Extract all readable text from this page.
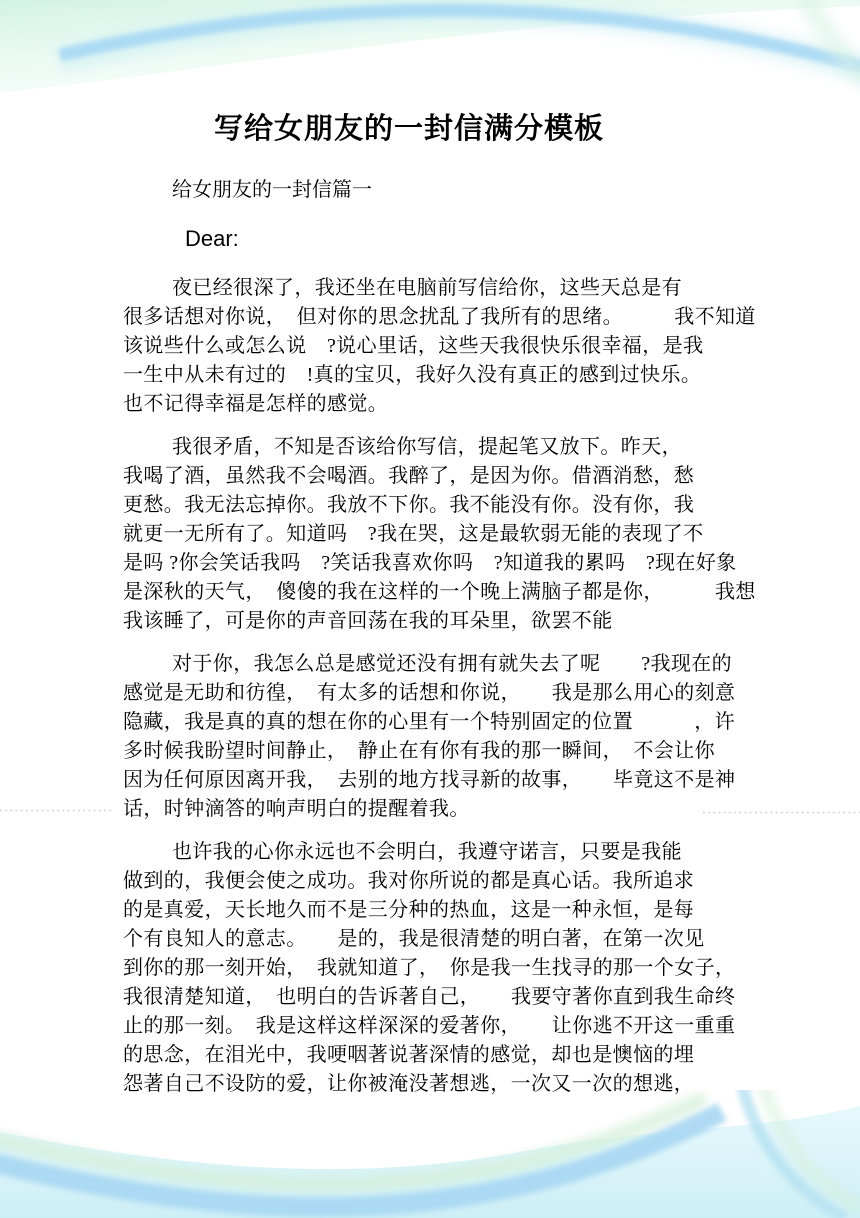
写给女朋友的一封信满分模板
给女朋友的一封信篇一
Dear:

夜已经很深了，我还坐在电脑前写信给你，这些天总是有
很多话想对你说，　但对你的思念扰乱了我所有的思绪。　　　我不知道
该说些什么或怎么说　?说心里话，这些天我很快乐很幸福，是我
一生中从未有过的　!真的宝贝，我好久没有真正的感到过快乐。
也不记得幸福是怎样的感觉。

我很矛盾，不知是否该给你写信，提起笔又放下。昨天，
我喝了酒，虽然我不会喝酒。我醉了，是因为你。借酒消愁，愁
更愁。我无法忘掉你。我放不下你。我不能没有你。没有你，我
就更一无所有了。知道吗　?我在哭，这是最软弱无能的表现了不
是吗 ?你会笑话我吗　?笑话我喜欢你吗　?知道我的累吗　?现在好象
是深秋的天气，　傻傻的我在这样的一个晚上满脑子都是你，　　　我想
我该睡了，可是你的声音回荡在我的耳朵里，欲罢不能

对于你，我怎么总是感觉还没有拥有就失去了呢　　?我现在的
感觉是无助和彷徨，　有太多的话想和你说，　　我是那么用心的刻意
隐藏，我是真的真的想在你的心里有一个特别固定的位置　　　，许
多时候我盼望时间静止，　静止在有你有我的那一瞬间，　不会让你
因为任何原因离开我，　去别的地方找寻新的故事，　　毕竟这不是神
话，时钟滴答的响声明白的提醒着我。

也许我的心你永远也不会明白，我遵守诺言，只要是我能
做到的，我便会使之成功。我对你所说的都是真心话。我所追求
的是真爱，天长地久而不是三分种的热血，这是一种永恒，是每
个有良知人的意志。　　是的，我是很清楚的明白著，在第一次见
到你的那一刻开始，　我就知道了，　你是我一生找寻的那一个女子，
我很清楚知道，　也明白的告诉著自己，　　我要守著你直到我生命终
止的那一刻。　我是这样这样深深的爱著你，　　让你逃不开这一重重
的思念，在泪光中，我哽咽著说著深情的感觉，却也是懊恼的埋
怨著自己不设防的爱，让你被淹没著想逃，一次又一次的想逃，
